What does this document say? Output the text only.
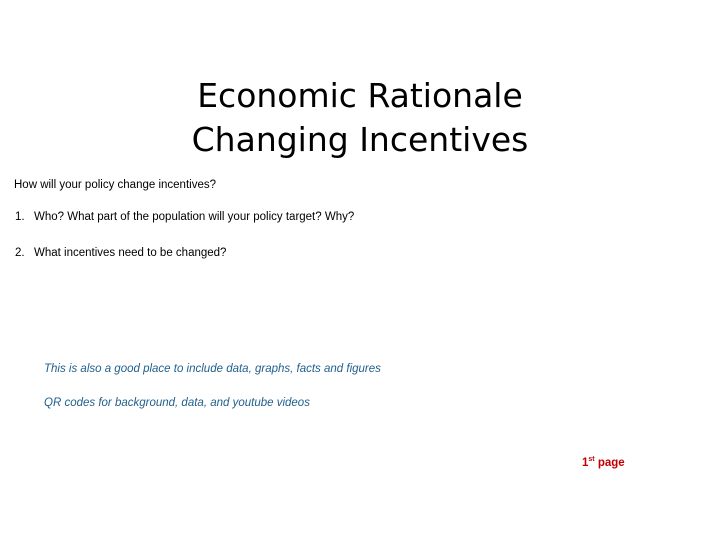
Economic Rationale
Changing Incentives
How will your policy change incentives?
1. Who? What part of the population will your policy target? Why?
2. What incentives need to be changed?
This is also a good place to include data, graphs, facts and figures
QR codes for background, data, and youtube videos
1st page
